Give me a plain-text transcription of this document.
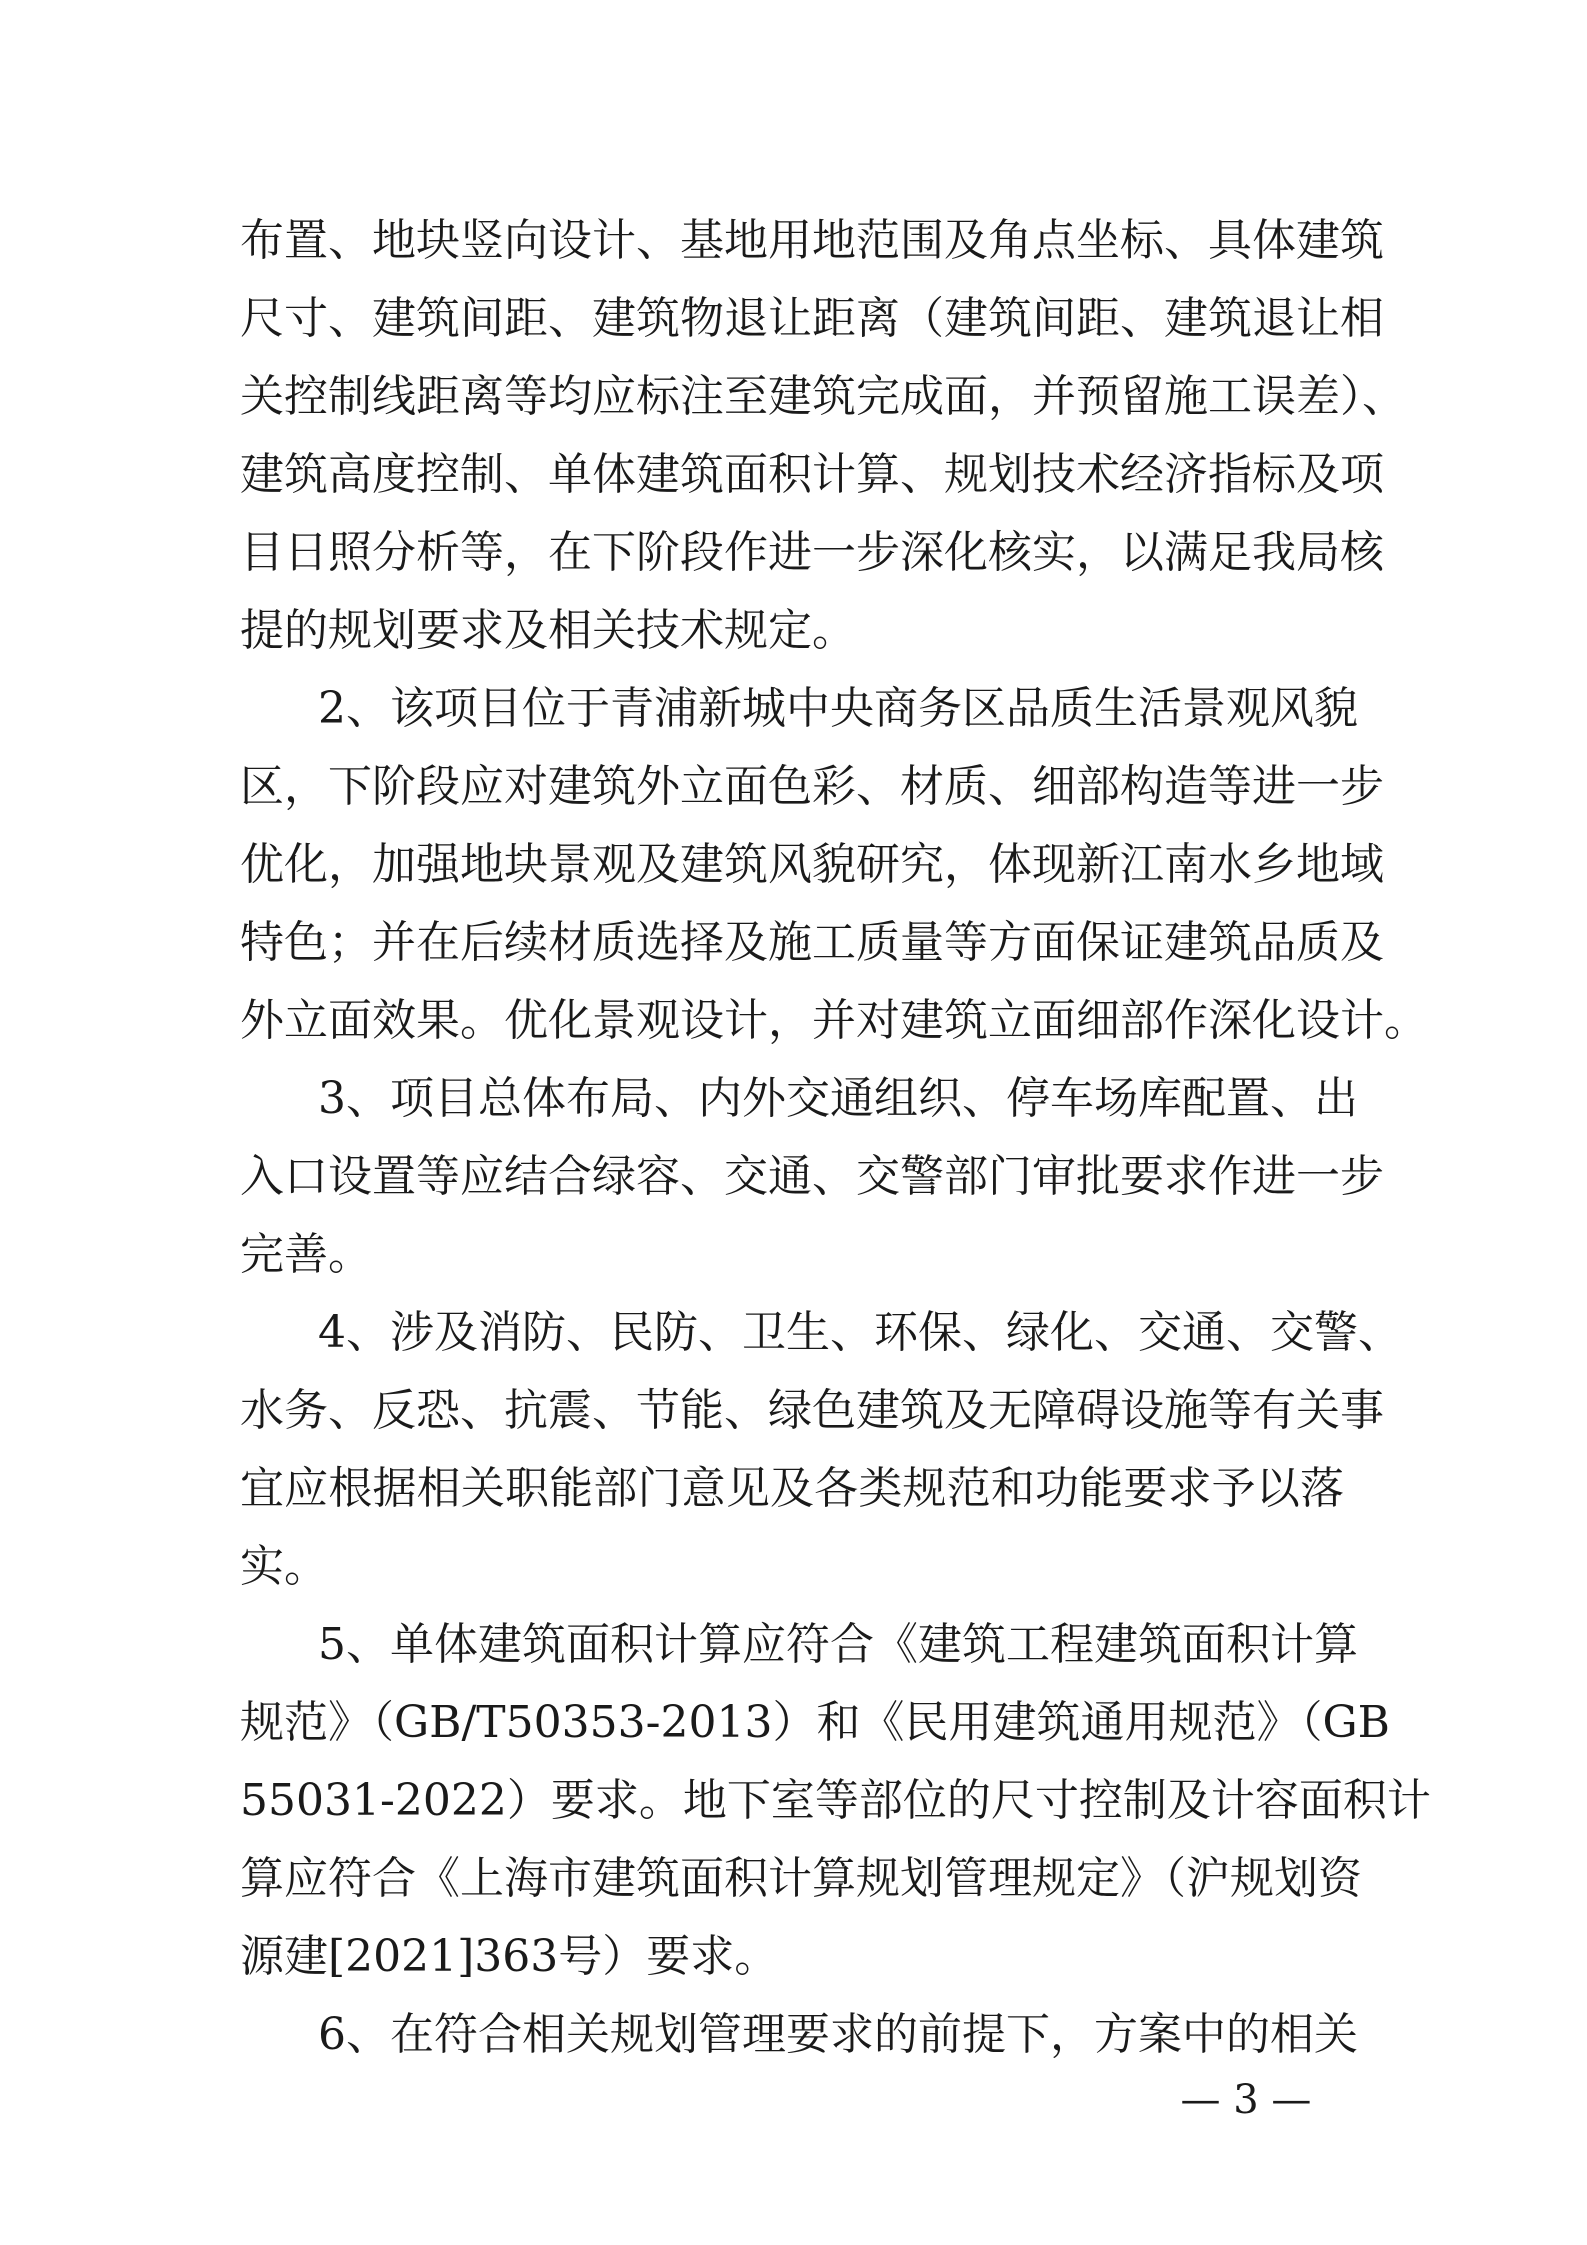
布置、地块竖向设计、基地用地范围及角点坐标、具体建筑
尺寸、建筑间距、建筑物退让距离（建筑间距、建筑退让相
关控制线距离等均应标注至建筑完成面，并预留施工误差）、
建筑高度控制、单体建筑面积计算、规划技术经济指标及项
目日照分析等，在下阶段作进一步深化核实，以满足我局核
提的规划要求及相关技术规定。
2、该项目位于青浦新城中央商务区品质生活景观风貌
区，下阶段应对建筑外立面色彩、材质、细部构造等进一步
优化，加强地块景观及建筑风貌研究，体现新江南水乡地域
特色；并在后续材质选择及施工质量等方面保证建筑品质及
外立面效果。优化景观设计，并对建筑立面细部作深化设计。
3、项目总体布局、内外交通组织、停车场库配置、出
入口设置等应结合绿容、交通、交警部门审批要求作进一步
完善。
4、涉及消防、民防、卫生、环保、绿化、交通、交警、
水务、反恐、抗震、节能、绿色建筑及无障碍设施等有关事
宜应根据相关职能部门意见及各类规范和功能要求予以落
实。
5、单体建筑面积计算应符合《建筑工程建筑面积计算
规范》（GB/T50353-2013）和《民用建筑通用规范》（GB
55031-2022）要求。地下室等部位的尺寸控制及计容面积计
算应符合《上海市建筑面积计算规划管理规定》（沪规划资
源建[2021]363号）要求。
6、在符合相关规划管理要求的前提下，方案中的相关
— 3 —
